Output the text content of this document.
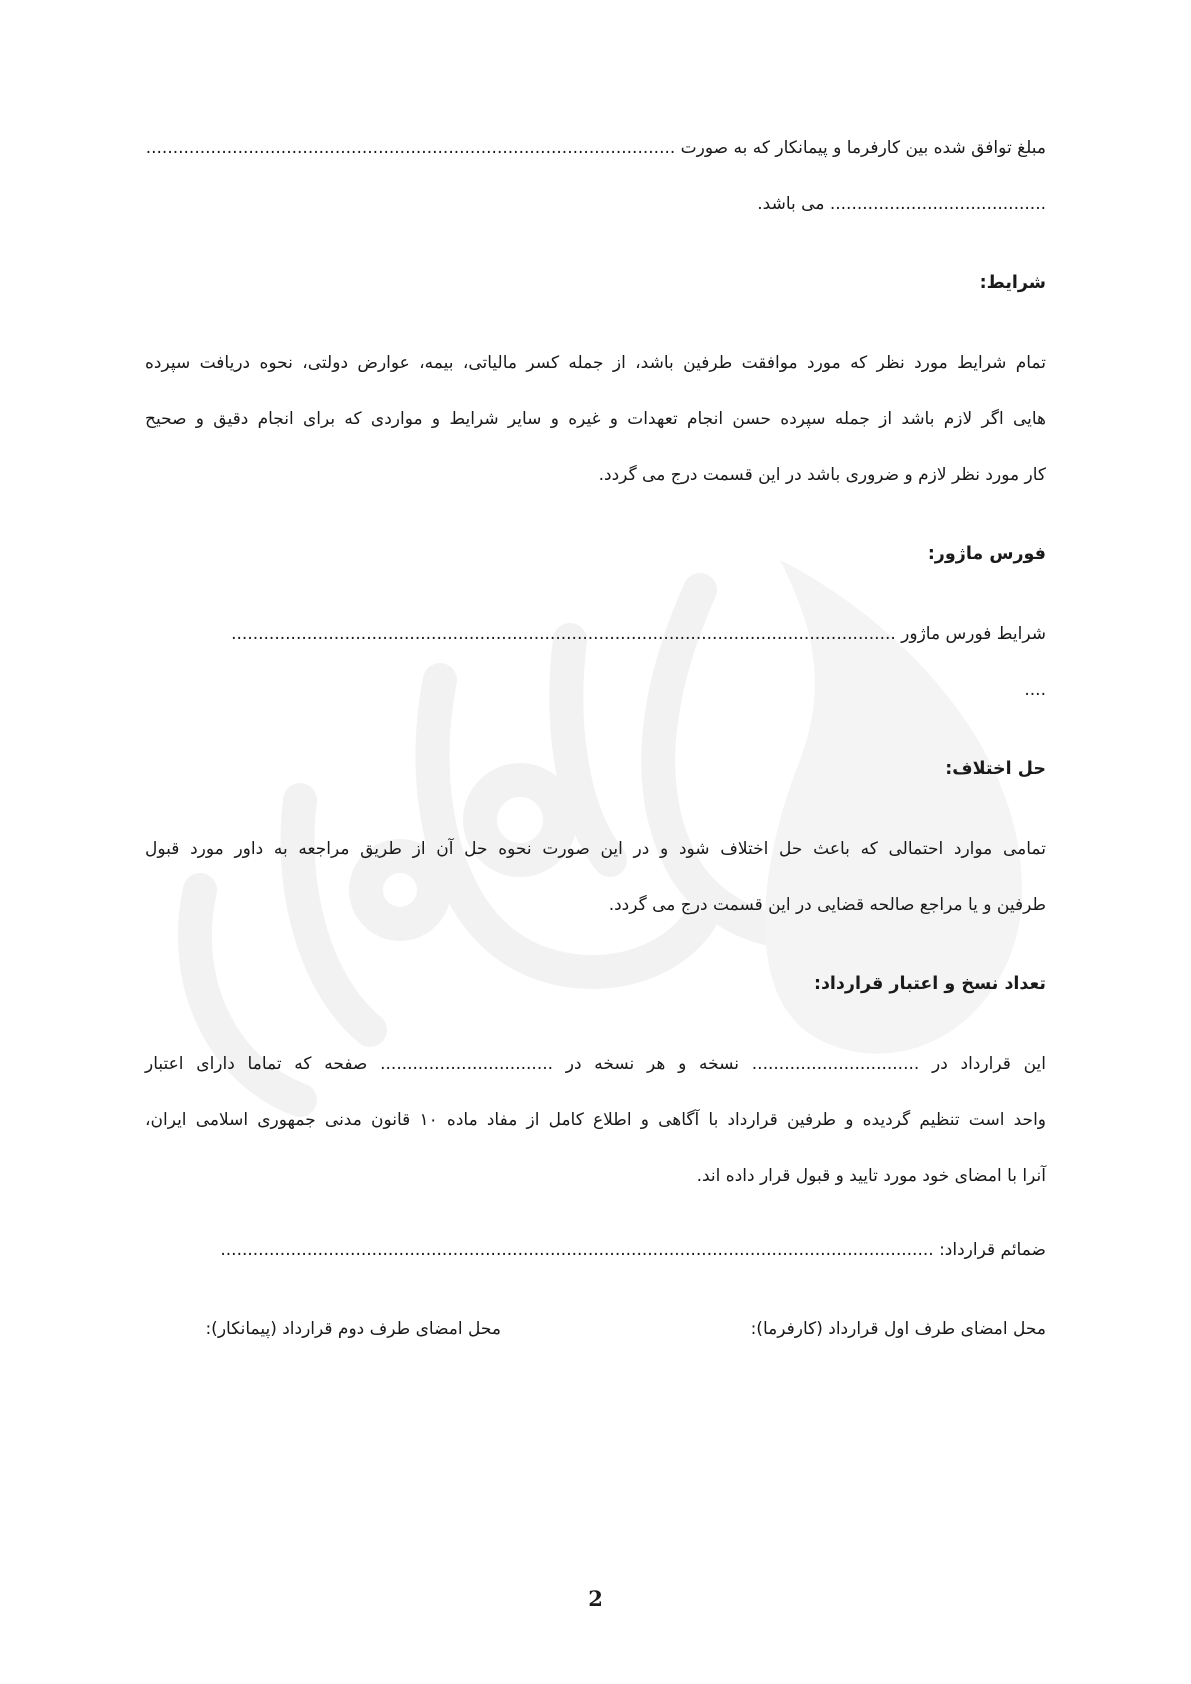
مبلغ توافق شده بین کارفرما و پیمانکار که به صورت ..................................................................................................
........................................ می باشد.
شرایط:
تمام شرایط مورد نظر که مورد موافقت طرفین باشد، از جمله کسر مالیاتی، بیمه، عوارض دولتی، نحوه دریافت سپرده
هایی اگر لازم باشد از جمله سپرده حسن انجام تعهدات و غیره و سایر شرایط و مواردی که برای انجام دقیق و صحیح
کار مورد نظر لازم و ضروری باشد در این قسمت درج می گردد.
فورس ماژور:
شرایط فورس ماژور ...........................................................................................................................
....
حل اختلاف:
تمامی موارد احتمالی که باعث حل اختلاف شود و در این صورت نحوه حل آن از طریق مراجعه به داور مورد قبول
طرفین و یا مراجع صالحه قضایی در این قسمت درج می گردد.
تعداد نسخ و اعتبار قرارداد:
این قرارداد در ............................... نسخه و هر نسخه در ................................ صفحه که تماما دارای اعتبار
واحد است تنظیم گردیده و طرفین قرارداد با آگاهی و اطلاع کامل از مفاد ماده ۱۰ قانون مدنی جمهوری اسلامی ایران،
آنرا با امضای خود مورد تایید و قبول قرار داده اند.
ضمائم قرارداد: ....................................................................................................................................
محل امضای طرف اول قرارداد (کارفرما):
محل امضای طرف دوم قرارداد (پیمانکار):
2
